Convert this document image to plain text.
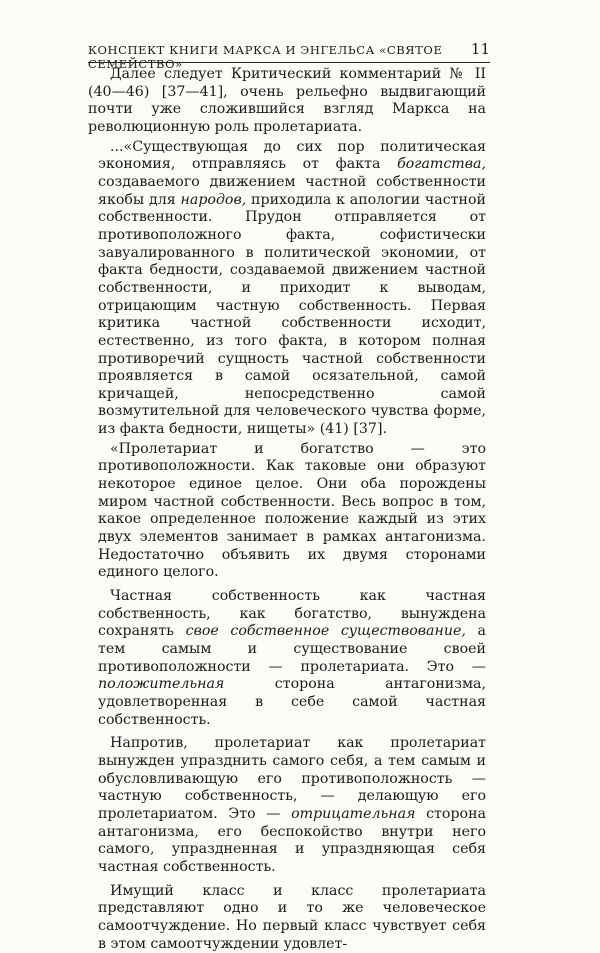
КОНСПЕКТ КНИГИ МАРКСА И ЭНГЕЛЬСА «СВЯТОЕ СЕМЕЙСТВО»
11

Далее следует Критический комментарий № II (40—46) [37—41], очень рельефно выдвигающий почти уже сложившийся взгляд Маркса на революционную роль пролетариата.

...«Существующая до сих пор политическая экономия, отправляясь от факта богатства, создаваемого движением частной собственности якобы для народов, приходила к апологии частной собственности. Прудон отправляется от противоположного факта, софистически завуалированного в политической экономии, от факта бедности, создаваемой движением частной собственности, и приходит к выводам, отрицающим частную собственность. Первая критика частной собственности исходит, естественно, из того факта, в котором полная противоречий сущность частной собственности проявляется в самой осязательной, самой кричащей, непосредственно самой возмутительной для человеческого чувства форме, из факта бедности, нищеты» (41) [37].

«Пролетариат и богатство — это противоположности. Как таковые они образуют некоторое единое целое. Они оба порождены миром частной собственности. Весь вопрос в том, какое определенное положение каждый из этих двух элементов занимает в рамках антагонизма. Недостаточно объявить их двумя сторонами единого целого.

Частная собственность как частная собственность, как богатство, вынуждена сохранять свое собственное существование, а тем самым и существование своей противоположности — пролетариата. Это — положительная сторона антагонизма, удовлетворенная в себе самой частная собственность.

Напротив, пролетариат как пролетариат вынужден упразднить самого себя, а тем самым и обусловливающую его противоположность — частную собственность, — делающую его пролетариатом. Это — отрицательная сторона антагонизма, его беспокойство внутри него самого, упраздненная и упраздняющая себя частная собственность.

Имущий класс и класс пролетариата представляют одно и то же человеческое самоотчуждение. Но первый класс чувствует себя в этом самоотчуждении удовлет-
